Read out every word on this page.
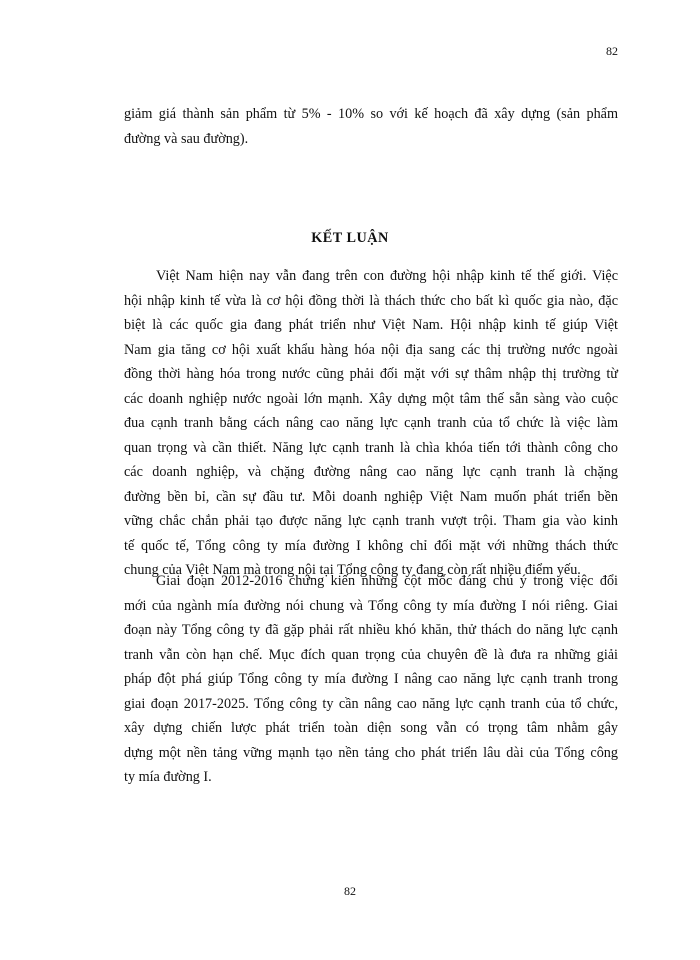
82
giảm giá thành sản phẩm từ 5% - 10% so với kế hoạch đã xây dựng (sản phẩm
đường và sau đường).
KẾT LUẬN
Việt Nam hiện nay vẫn đang trên con đường hội nhập kinh tế thế giới. Việc
hội nhập kinh tế vừa là cơ hội đồng thời là thách thức cho bất kì quốc gia nào, đặc
biệt là các quốc gia đang phát triển như Việt Nam. Hội nhập kinh tế giúp Việt
Nam gia tăng cơ hội xuất khẩu hàng hóa nội địa sang các thị trường nước ngoài
đồng thời hàng hóa trong nước cũng phải đối mặt với sự thâm nhập thị trường từ
các doanh nghiệp nước ngoài lớn mạnh. Xây dựng một tâm thế sẵn sàng vào cuộc
đua cạnh tranh bằng cách nâng cao năng lực cạnh tranh của tổ chức là việc làm
quan trọng và cần thiết. Năng lực cạnh tranh là chìa khóa tiến tới thành công cho
các doanh nghiệp, và chặng đường nâng cao năng lực cạnh tranh là chặng
đường bền bỉ, cần sự đầu tư. Mỗi doanh nghiệp Việt Nam muốn phát triển bền
vững chắc chắn phải tạo được năng lực cạnh tranh vượt trội. Tham gia vào kinh
tế quốc tế, Tổng công ty mía đường I không chỉ đối mặt với những thách thức
chung của Việt Nam mà trong nội tại Tổng công ty đang còn rất nhiều điểm yếu.
Giai đoạn 2012-2016 chứng kiến những cột mốc đáng chú ý trong việc đổi
mới của ngành mía đường nói chung và Tổng công ty mía đường I nói riêng. Giai
đoạn này Tổng công ty đã gặp phải rất nhiều khó khăn, thử thách do năng lực cạnh
tranh vẫn còn hạn chế. Mục đích quan trọng của chuyên đề là đưa ra những giải
pháp đột phá giúp Tổng công ty mía đường I nâng cao năng lực cạnh tranh trong
giai đoạn 2017-2025. Tổng công ty cần nâng cao năng lực cạnh tranh của tổ chức,
xây dựng chiến lược phát triển toàn diện song vẫn có trọng tâm nhằm gây
dựng một nền tảng vững mạnh tạo nền tảng cho phát triển lâu dài của Tổng công
ty mía đường I.
82
